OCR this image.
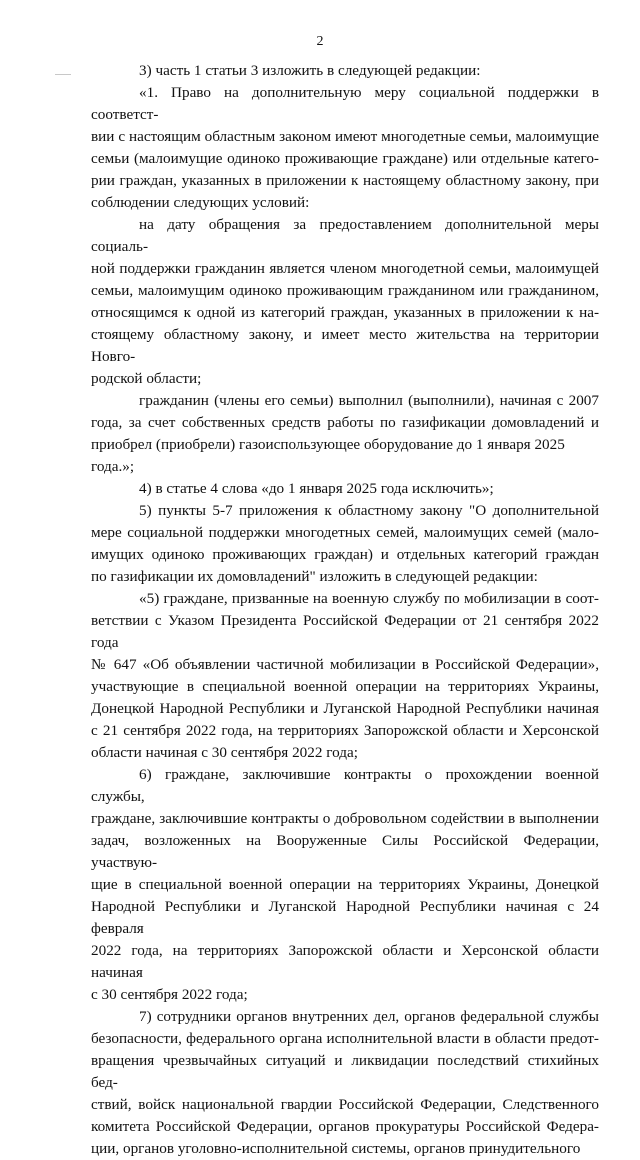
2
3) часть 1 статьи 3 изложить в следующей редакции:
«1. Право на дополнительную меру социальной поддержки в соответст-
вии с настоящим областным законом имеют многодетные семьи, малоимущие
семьи (малоимущие одиноко проживающие граждане) или отдельные катего-
рии граждан, указанных в приложении к настоящему областному закону, при
соблюдении следующих условий:
на дату обращения за предоставлением дополнительной меры социаль-
ной поддержки гражданин является членом многодетной семьи, малоимущей
семьи, малоимущим одиноко проживающим гражданином или гражданином,
относящимся к одной из категорий граждан, указанных в приложении к на-
стоящему областному закону, и имеет место жительства на территории Новго-
родской области;
гражданин (члены его семьи) выполнил (выполнили), начиная с 2007
года, за счет собственных средств работы по газификации домовладений и
приобрел (приобрели) газоиспользующее оборудование до 1 января 2025 года.»;
4) в статье 4 слова «до 1 января 2025 года исключить»;
5) пункты 5-7 приложения к областному закону "О дополнительной
мере социальной поддержки многодетных семей, малоимущих семей (мало-
имущих одиноко проживающих граждан) и отдельных категорий граждан
по газификации их домовладений" изложить в следующей редакции:
«5) граждане, призванные на военную службу по мобилизации в соот-
ветствии с Указом Президента Российской Федерации от 21 сентября 2022 года
№ 647 «Об объявлении частичной мобилизации в Российской Федерации»,
участвующие в специальной военной операции на территориях Украины,
Донецкой Народной Республики и Луганской Народной Республики начиная
с 21 сентября 2022 года, на территориях Запорожской области и Херсонской
области начиная с 30 сентября 2022 года;
6) граждане, заключившие контракты о прохождении военной службы,
граждане, заключившие контракты о добровольном содействии в выполнении
задач, возложенных на Вооруженные Силы Российской Федерации, участвую-
щие в специальной военной операции на территориях Украины, Донецкой
Народной Республики и Луганской Народной Республики начиная с 24 февраля
2022 года, на территориях Запорожской области и Херсонской области начиная
с 30 сентября 2022 года;
7) сотрудники органов внутренних дел, органов федеральной службы
безопасности, федерального органа исполнительной власти в области предот-
вращения чрезвычайных ситуаций и ликвидации последствий стихийных бед-
ствий, войск национальной гвардии Российской Федерации, Следственного
комитета Российской Федерации, органов прокуратуры Российской Федера-
ции, органов уголовно-исполнительной системы, органов принудительного
